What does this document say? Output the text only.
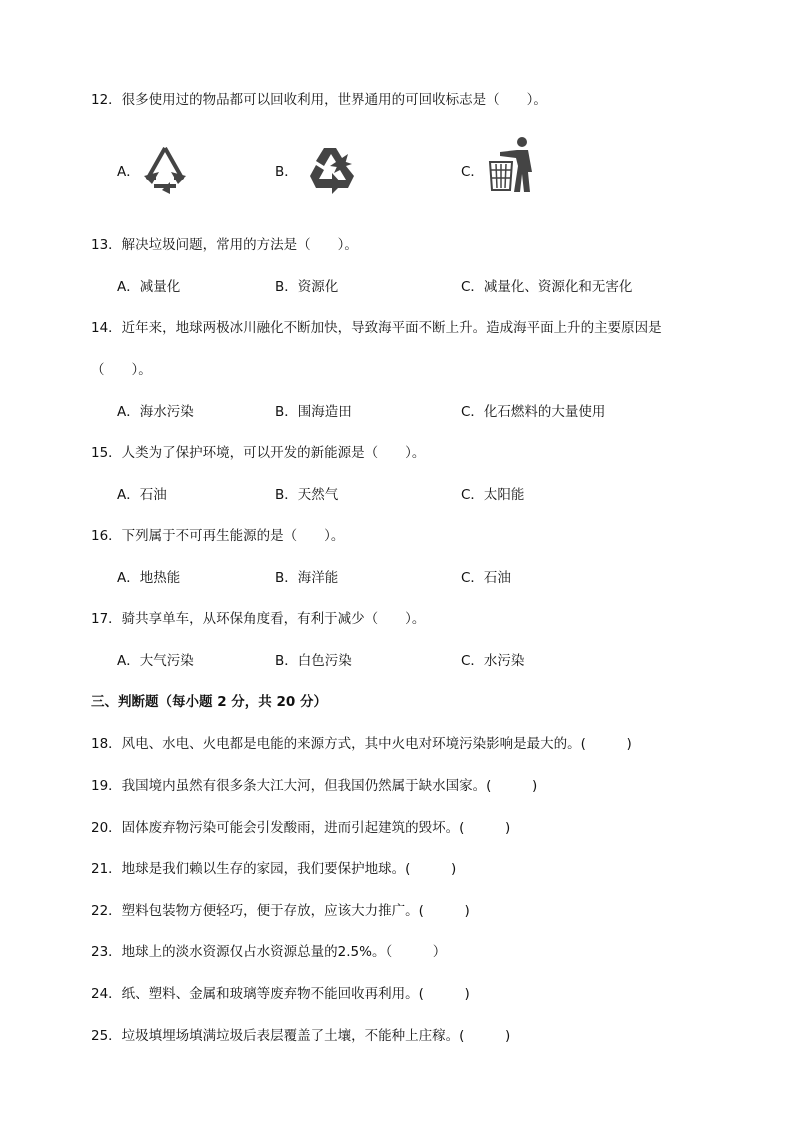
12．很多使用过的物品都可以回收利用，世界通用的可回收标志是（　　）。
A．	B．	C．
13．解决垃圾问题，常用的方法是（　　）。
A．减量化	B．资源化	C．减量化、资源化和无害化
14．近年来，地球两极冰川融化不断加快，导致海平面不断上升。造成海平面上升的主要原因是
（　　）。
A．海水污染	B．围海造田	C．化石燃料的大量使用
15．人类为了保护环境，可以开发的新能源是（　　）。
A．石油	B．天然气	C．太阳能
16．下列属于不可再生能源的是（　　）。
A．地热能	B．海洋能	C．石油
17．骑共享单车，从环保角度看，有利于减少（　　）。
A．大气污染	B．白色污染	C．水污染
三、判断题（每小题 2 分，共 20 分）
18．风电、水电、火电都是电能的来源方式，其中火电对环境污染影响是最大的。(　　　)
19．我国境内虽然有很多条大江大河，但我国仍然属于缺水国家。(　　　)
20．固体废弃物污染可能会引发酸雨，进而引起建筑的毁坏。(　　　)
21．地球是我们赖以生存的家园，我们要保护地球。(　　　)
22．塑料包装物方便轻巧，便于存放，应该大力推广。(　　　)
23．地球上的淡水资源仅占水资源总量的2.5%。（　　　）
24．纸、塑料、金属和玻璃等废弃物不能回收再利用。(　　　)
25．垃圾填埋场填满垃圾后表层覆盖了土壤，不能种上庄稼。(　　　)
